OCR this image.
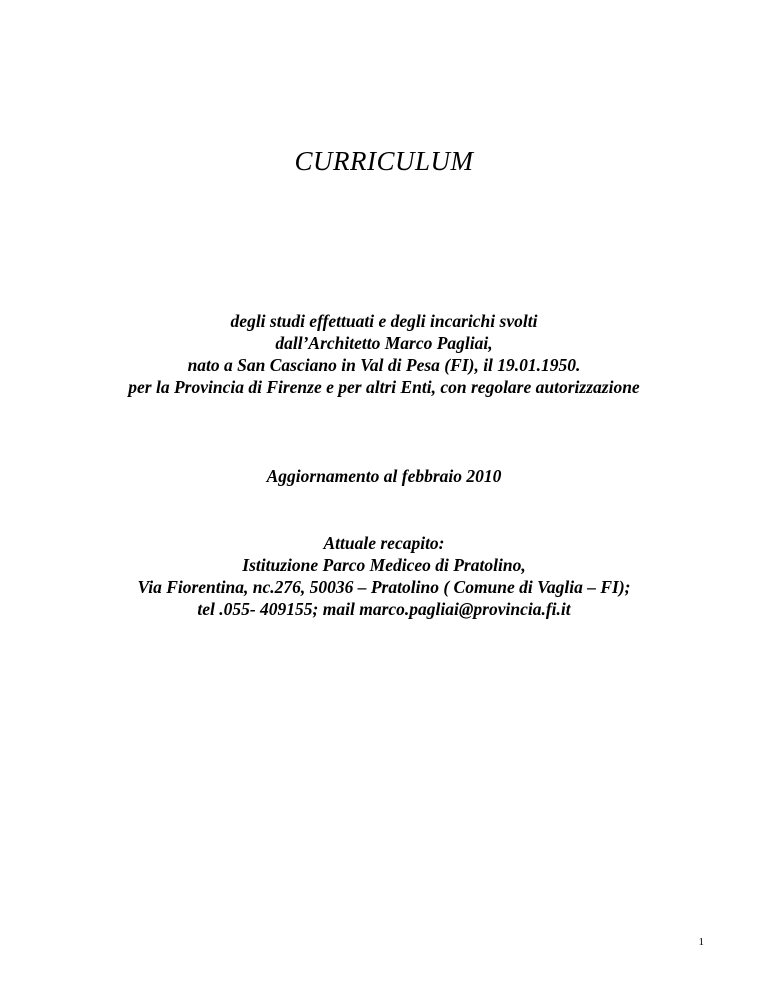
CURRICULUM
degli studi effettuati e degli incarichi svolti
dall’Architetto Marco Pagliai,
nato a San Casciano in Val di Pesa (FI), il 19.01.1950.
per la Provincia di Firenze e per altri Enti, con regolare autorizzazione
Aggiornamento al febbraio 2010
Attuale recapito:
Istituzione Parco Mediceo di Pratolino,
Via Fiorentina, nc.276, 50036 – Pratolino ( Comune di Vaglia – FI);
tel .055- 409155; mail marco.pagliai@provincia.fi.it
1
